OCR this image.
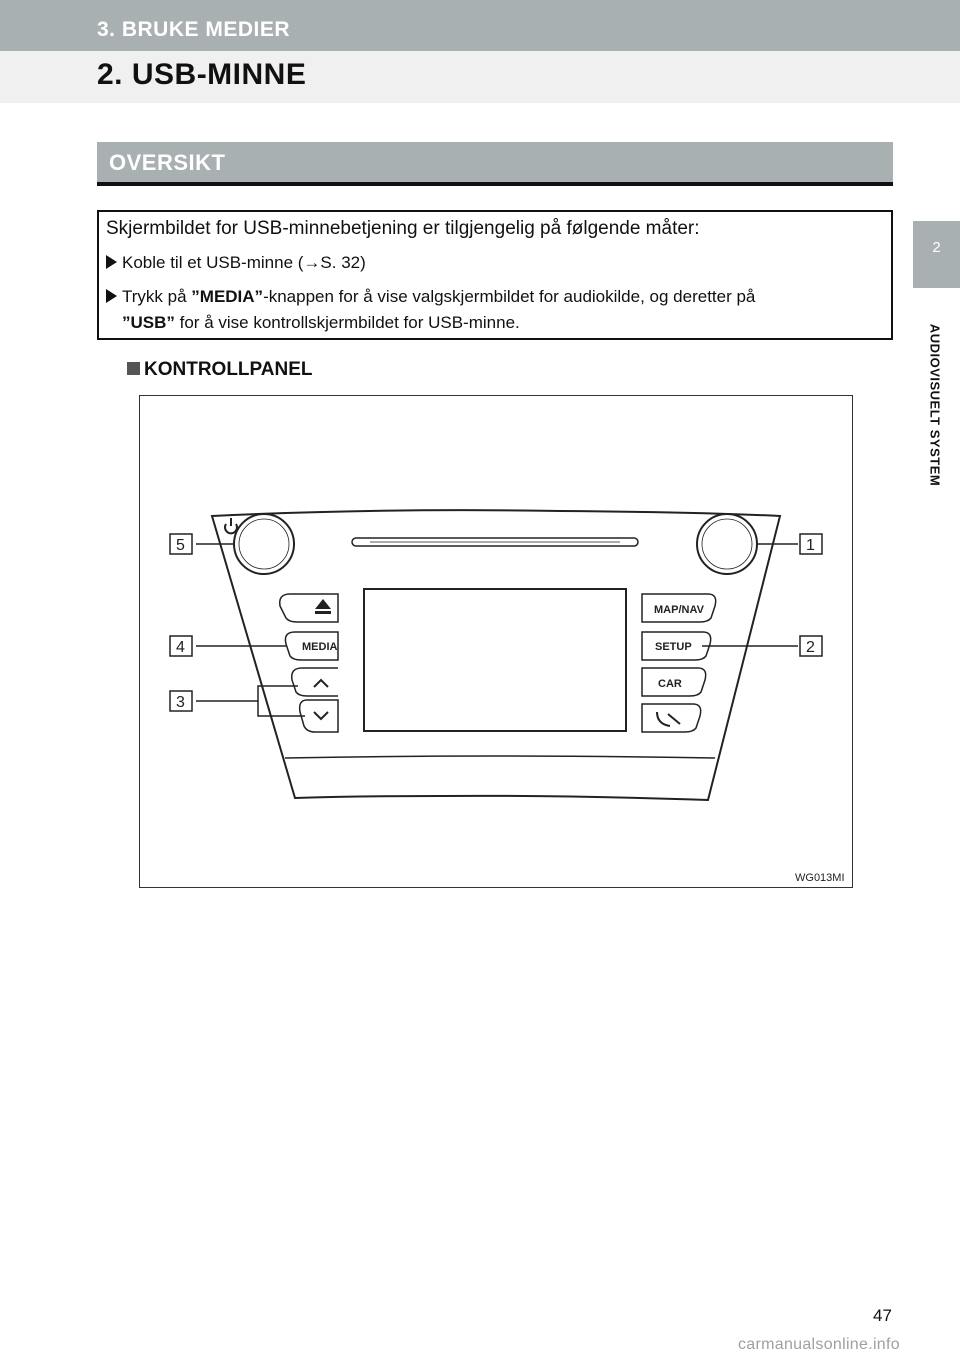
3. BRUKE MEDIER
2. USB-MINNE
2
AUDIOVISUELT SYSTEM
OVERSIKT
Skjermbildet for USB-minnebetjening er tilgjengelig på følgende måter:
Koble til et USB-minne (→S. 32)
Trykk på ”MEDIA”-knappen for å vise valgskjermbildet for audiokilde, og deretter på
”USB” for å vise kontrollskjermbildet for USB-minne.
KONTROLLPANEL
MEDIA
MAP/NAV
SETUP
CAR
1
2
3
4
5
WG013MI
47
carmanualsonline.info
